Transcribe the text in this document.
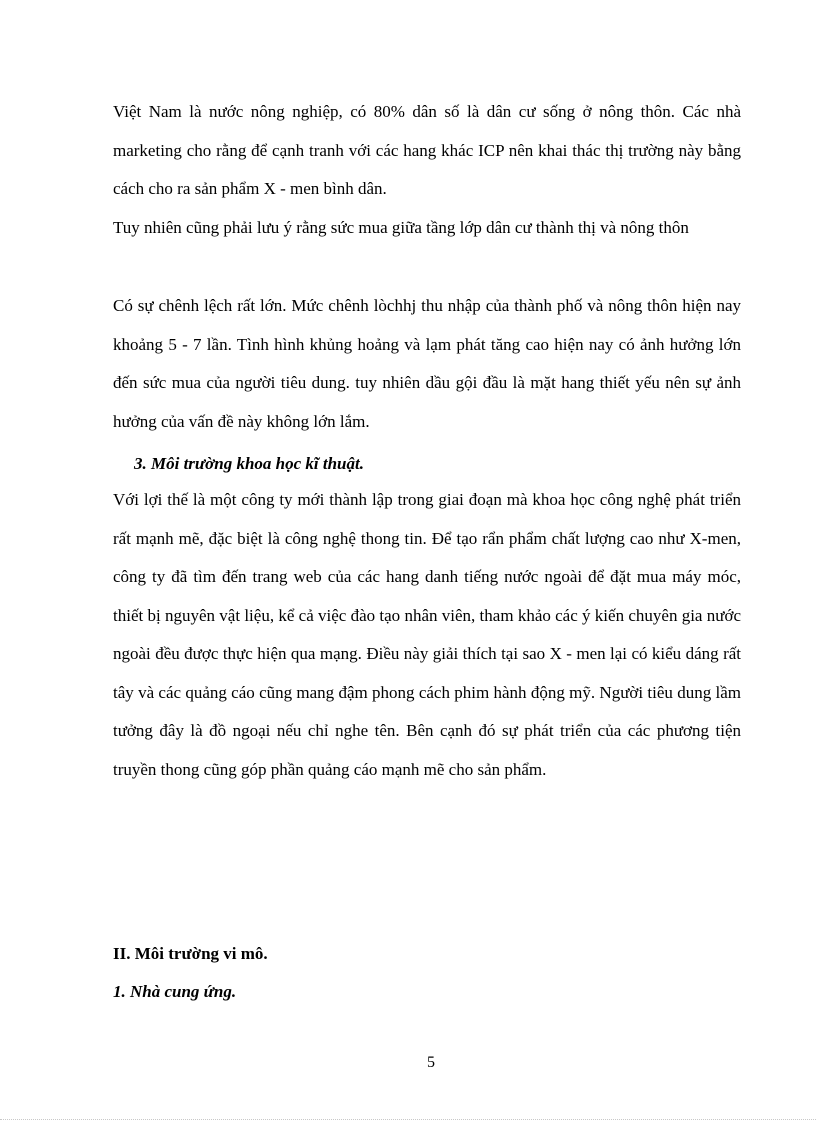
Việt Nam là nước nông nghiệp, có 80% dân số là dân cư sống ở nông thôn. Các nhà marketing cho rằng để cạnh tranh với các hang khác ICP nên khai thác thị trường này bằng cách cho ra sản phẩm X - men bình dân.
Tuy nhiên cũng phải lưu ý rằng sức mua giữa tầng lớp dân cư thành thị và nông thôn
Có sự chênh lệch rất lớn. Mức chênh lòchhj thu nhập của thành phố và nông thôn hiện nay khoảng 5 - 7 lần. Tình hình khủng hoảng và lạm phát tăng cao hiện nay có ảnh hưởng lớn đến sức mua của người tiêu dung. tuy nhiên dầu gội đầu là mặt hang thiết yếu nên sự ảnh hưởng của vấn đề này không lớn lắm.
3. Môi trường khoa học kĩ thuật.
Với lợi thế là một công ty mới thành lập trong giai đoạn mà khoa học công nghệ phát triển rất mạnh mẽ, đặc biệt là công nghệ thong tin. Để tạo rẩn phẩm chất lượng cao như X-men, công ty đã tìm đến trang web của các hang danh tiếng nước ngoài để đặt mua máy móc, thiết bị nguyên vật liệu, kể cả việc đào tạo nhân viên, tham khảo các ý kiến chuyên gia nước ngoài đều được thực hiện qua mạng. Điều này giải thích tại sao X - men lại có kiểu dáng rất tây và các quảng cáo cũng mang đậm phong cách phim hành động mỹ. Người tiêu dung lầm tưởng đây là đồ ngoại nếu chỉ nghe tên. Bên cạnh đó sự phát triển của các phương tiện truyền thong cũng góp phần quảng cáo mạnh mẽ cho sản phẩm.
II. Môi trường vi mô.
1. Nhà cung ứng.
5
